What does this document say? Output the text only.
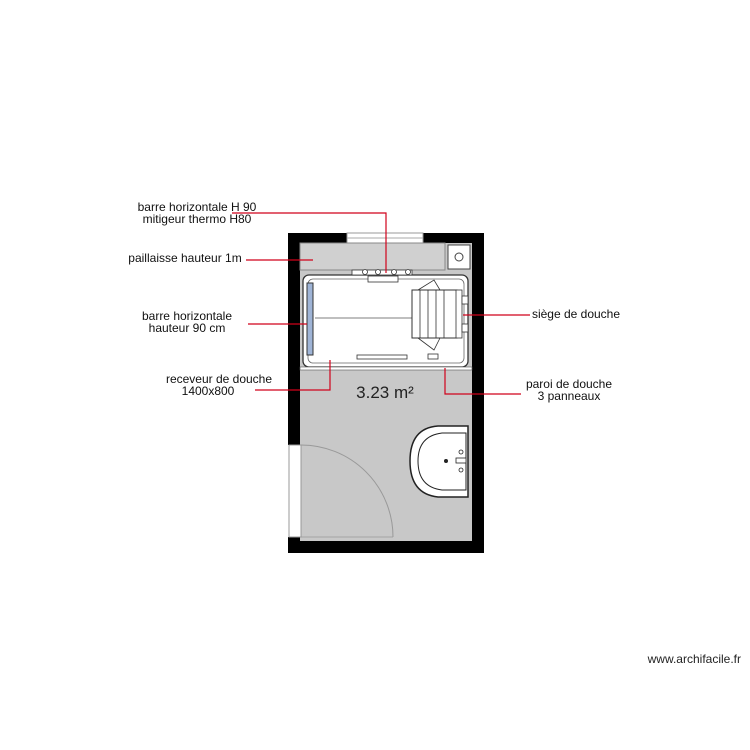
barre horizontale H 90
mitigeur thermo H80
paillaisse hauteur 1m
barre horizontale
hauteur 90 cm
receveur de douche
1400x800
siège de douche
paroi de douche
3 panneaux
3.23 m²
www.archifacile.fr
